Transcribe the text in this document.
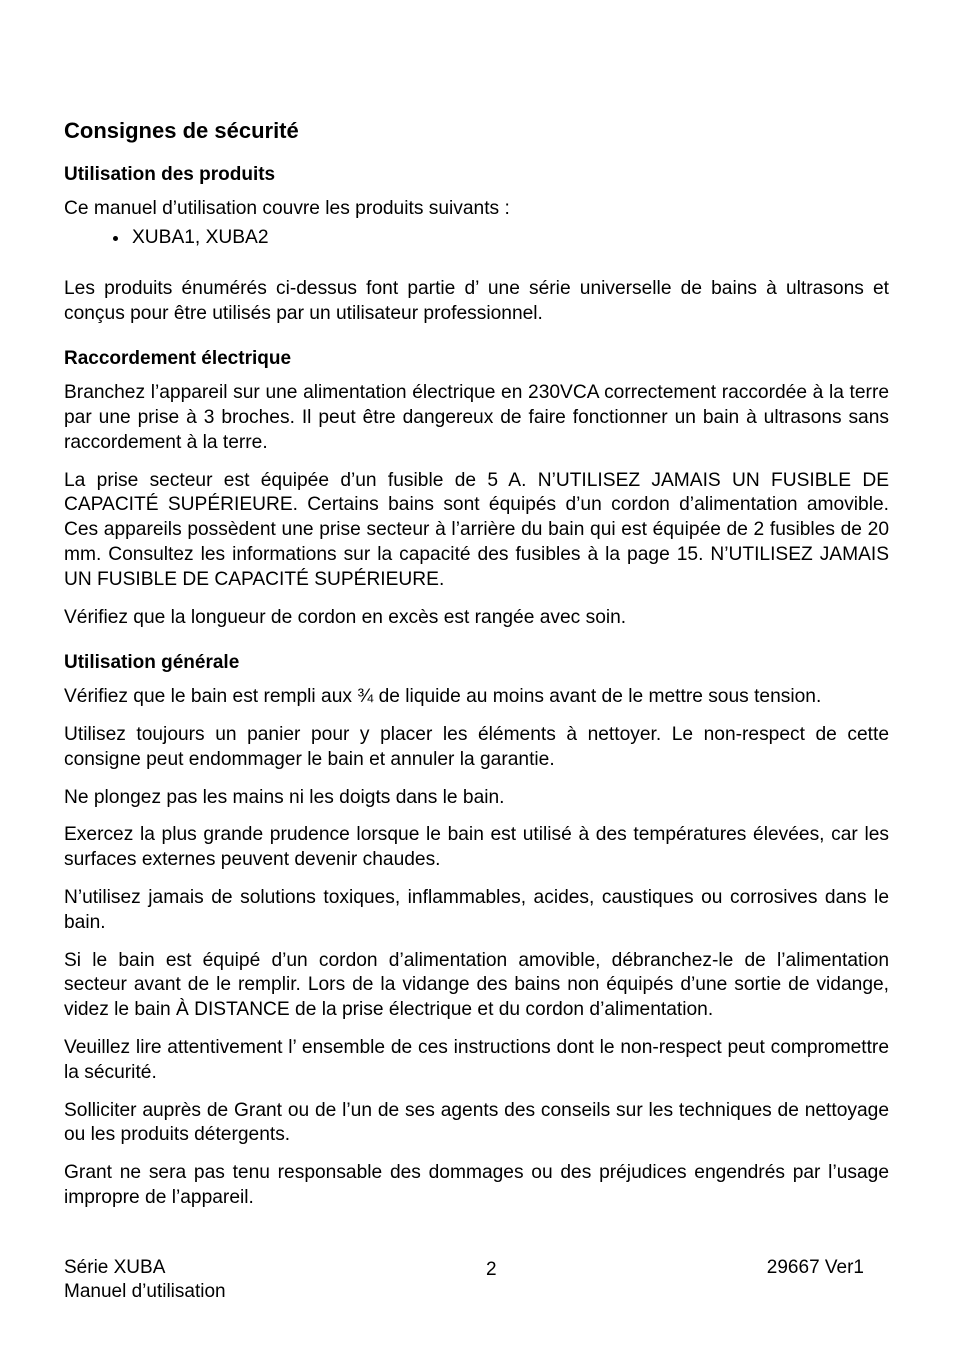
Consignes de sécurité
Utilisation des produits

Ce manuel d’utilisation couvre les produits suivants :

• XUBA1, XUBA2

Les produits énumérés ci-dessus font partie d’ une série universelle de bains à ultrasons et conçus pour être utilisés par un utilisateur professionnel.

Raccordement électrique

Branchez l’appareil sur une alimentation électrique en 230VCA correctement raccordée à la terre par une prise à 3 broches. Il peut être dangereux de faire fonctionner un bain à ultrasons sans raccordement à la terre.

La prise secteur est équipée d’un fusible de 5 A. N’UTILISEZ JAMAIS UN FUSIBLE DE CAPACITÉ SUPÉRIEURE. Certains bains sont équipés d’un cordon d’alimentation amovible. Ces appareils possèdent une prise secteur à l’arrière du bain qui est équipée de 2 fusibles de 20 mm. Consultez les informations sur la capacité des fusibles à la page 15. N’UTILISEZ JAMAIS UN FUSIBLE DE CAPACITÉ SUPÉRIEURE.

Vérifiez que la longueur de cordon en excès est rangée avec soin.

Utilisation générale

Vérifiez que le bain est rempli aux ¾ de liquide au moins avant de le mettre sous tension.

Utilisez toujours un panier pour y placer les éléments à nettoyer. Le non-respect de cette consigne peut endommager le bain et annuler la garantie.

Ne plongez pas les mains ni les doigts dans le bain.

Exercez la plus grande prudence lorsque le bain est utilisé à des températures élevées, car les surfaces externes peuvent devenir chaudes.

N’utilisez jamais de solutions toxiques, inflammables, acides, caustiques ou corrosives dans le bain.

Si le bain est équipé d’un cordon d’alimentation amovible, débranchez-le de l’alimentation secteur avant de le remplir. Lors de la vidange des bains non équipés d’une sortie de vidange, videz le bain À DISTANCE de la prise électrique et du cordon d’alimentation.

Veuillez lire attentivement l’ ensemble de ces instructions dont le non-respect peut compromettre la sécurité.

Solliciter auprès de Grant ou de l’un de ses agents des conseils sur les techniques de nettoyage ou les produits détergents.

Grant ne sera pas tenu responsable des dommages ou des préjudices engendrés par l’usage impropre de l’appareil.

Série XUBA
Manuel d’utilisation
2	29667 Ver1
